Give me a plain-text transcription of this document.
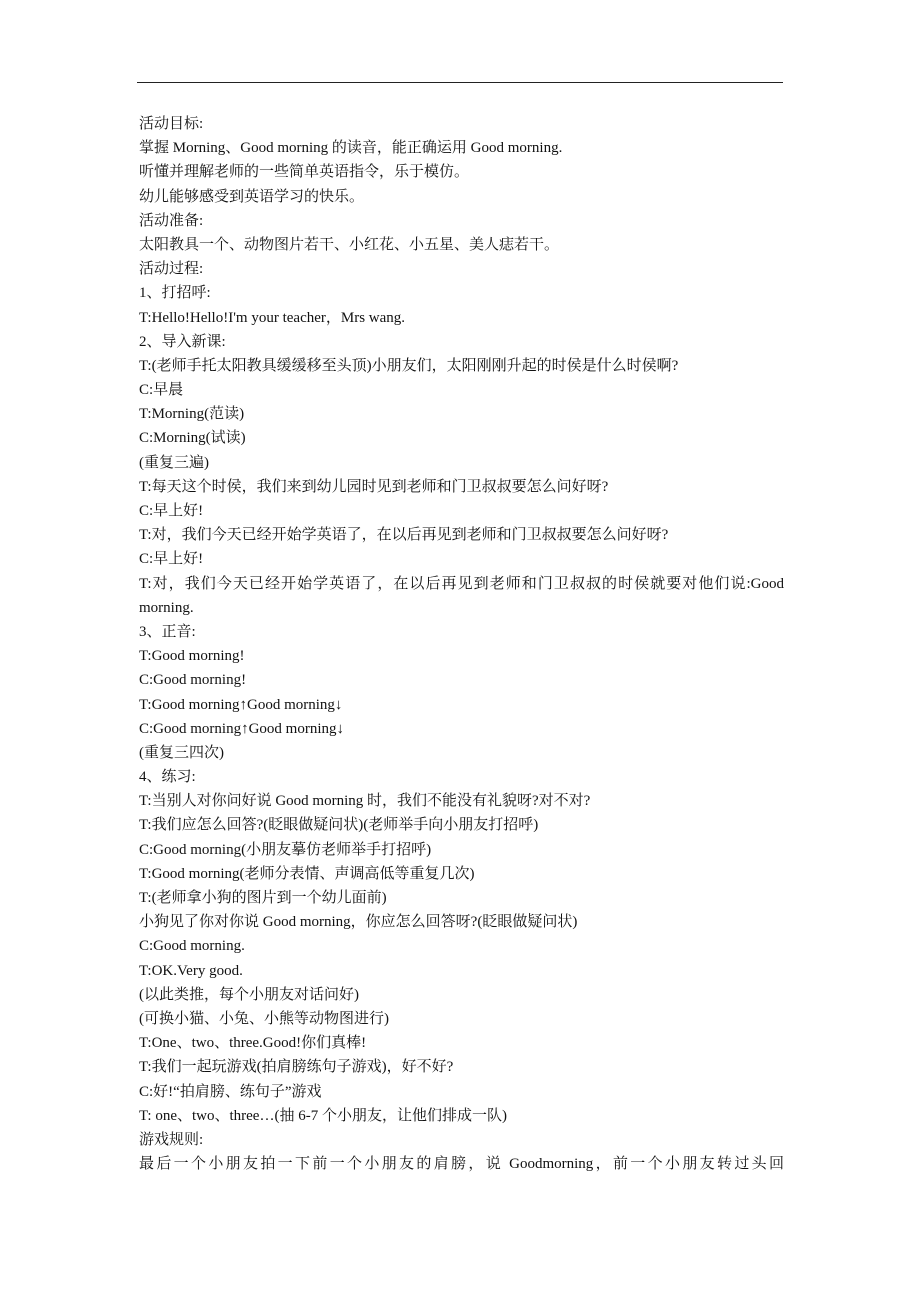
活动目标:
掌握 Morning、Good morning 的读音，能正确运用 Good morning.
听懂并理解老师的一些简单英语指令，乐于模仿。
幼儿能够感受到英语学习的快乐。
活动准备:
太阳教具一个、动物图片若干、小红花、小五星、美人痣若干。
活动过程:
1、打招呼:
T:Hello!Hello!I'm your teacher，Mrs wang.
2、导入新课:
T:(老师手托太阳教具缓缓移至头顶)小朋友们，太阳刚刚升起的时侯是什么时侯啊?
C:早晨
T:Morning(范读)
C:Morning(试读)
(重复三遍)
T:每天这个时侯，我们来到幼儿园时见到老师和门卫叔叔要怎么问好呀?
C:早上好!
T:对，我们今天已经开始学英语了，在以后再见到老师和门卫叔叔要怎么问好呀?
C:早上好!
T:对，我们今天已经开始学英语了，在以后再见到老师和门卫叔叔的时侯就要对他们说:Good
morning.
3、正音:
T:Good morning!
C:Good morning!
T:Good morning↑Good morning↓
C:Good morning↑Good morning↓
(重复三四次)
4、练习:
T:当别人对你问好说 Good morning 时，我们不能没有礼貌呀?对不对?
T:我们应怎么回答?(眨眼做疑问状)(老师举手向小朋友打招呼)
C:Good morning(小朋友摹仿老师举手打招呼)
T:Good morning(老师分表情、声调高低等重复几次)
T:(老师拿小狗的图片到一个幼儿面前)
小狗见了你对你说 Good morning，你应怎么回答呀?(眨眼做疑问状)
C:Good morning.
T:OK.Very good.
(以此类推，每个小朋友对话问好)
(可换小猫、小兔、小熊等动物图进行)
T:One、two、three.Good!你们真棒!
T:我们一起玩游戏(拍肩膀练句子游戏)，好不好?
C:好!“拍肩膀、练句子”游戏
T: one、two、three…(抽 6-7 个小朋友，让他们排成一队)
游戏规则:
最后一个小朋友拍一下前一个小朋友的肩膀，说 Goodmorning，前一个小朋友转过头回
